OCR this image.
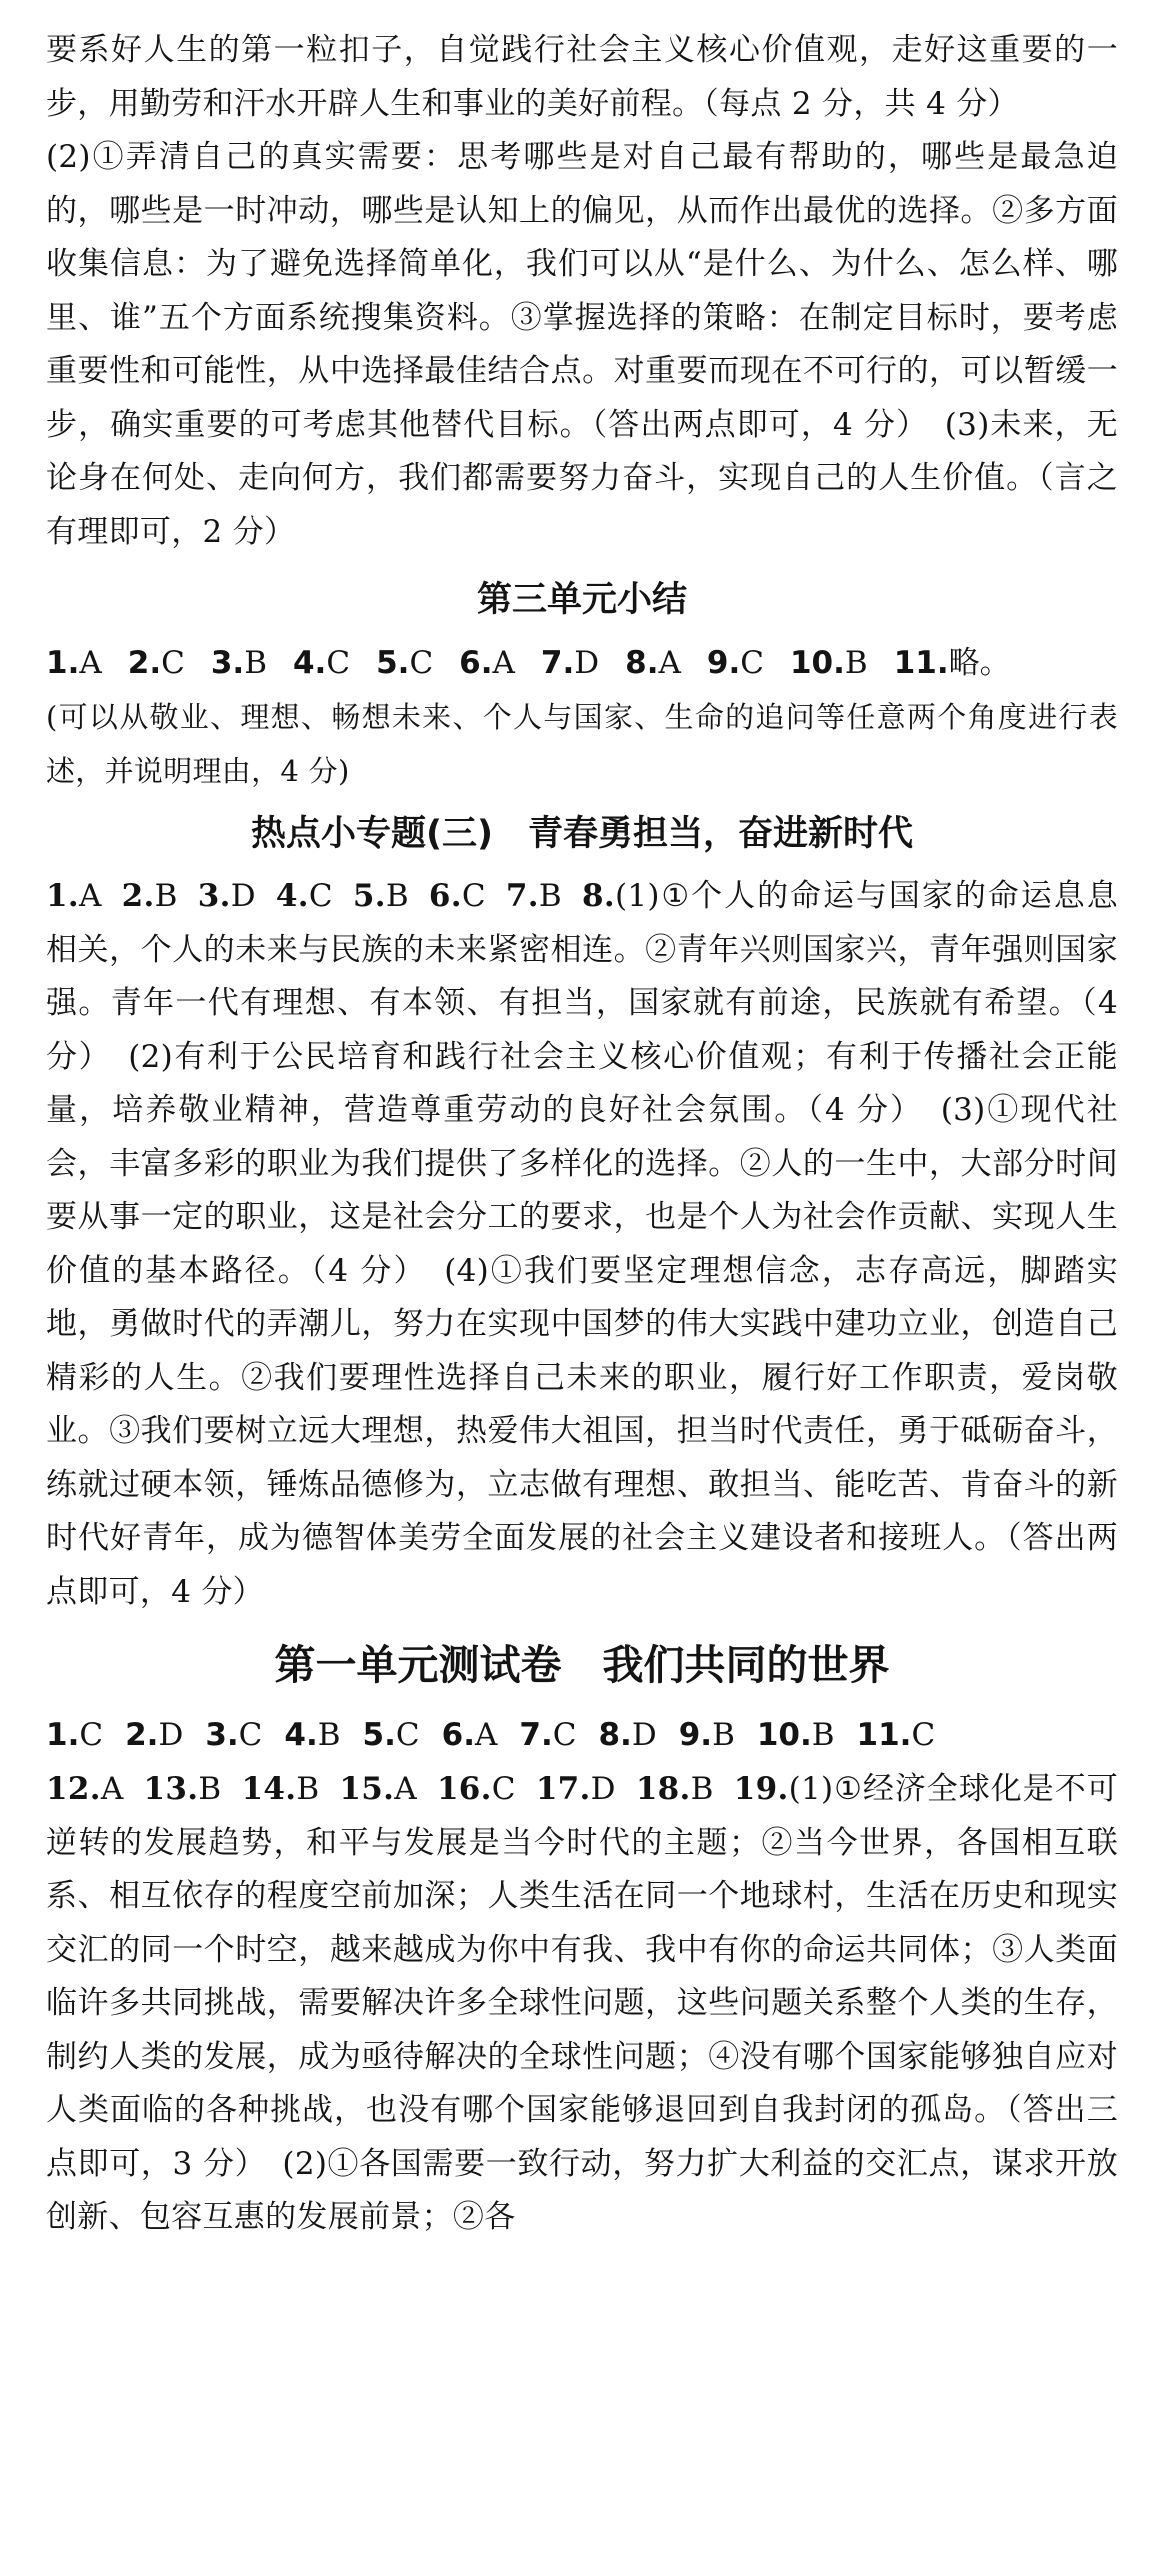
要系好人生的第一粒扣子，自觉践行社会主义核心价值观，走好这重要的一步，用勤劳和汗水开辟人生和事业的美好前程。（每点 2 分，共 4 分）

(2)①弄清自己的真实需要：思考哪些是对自己最有帮助的，哪些是最急迫的，哪些是一时冲动，哪些是认知上的偏见，从而作出最优的选择。②多方面收集信息：为了避免选择简单化，我们可以从“是什么、为什么、怎么样、哪里、谁”五个方面系统搜集资料。③掌握选择的策略：在制定目标时，要考虑重要性和可能性，从中选择最佳结合点。对重要而现在不可行的，可以暂缓一步，确实重要的可考虑其他替代目标。（答出两点即可，4 分）　(3)未来，无论身在何处、走向何方，我们都需要努力奋斗，实现自己的人生价值。（言之有理即可，2 分）

第三单元小结

1.A 2.C 3.B 4.C 5.C 6.A 7.D 8.A 9.C 10.B 11.略。

(可以从敬业、理想、畅想未来、个人与国家、生命的追问等任意两个角度进行表述，并说明理由，4 分)

热点小专题(三)　青春勇担当，奋进新时代

1.A 2.B 3.D 4.C 5.B 6.C 7.B 8.(1)①个人的命运与国家的命运息息相关，个人的未来与民族的未来紧密相连。②青年兴则国家兴，青年强则国家强。青年一代有理想、有本领、有担当，国家就有前途，民族就有希望。（4 分）　(2)有利于公民培育和践行社会主义核心价值观；有利于传播社会正能量，培养敬业精神，营造尊重劳动的良好社会氛围。（4 分）　(3)①现代社会，丰富多彩的职业为我们提供了多样化的选择。②人的一生中，大部分时间要从事一定的职业，这是社会分工的要求，也是个人为社会作贡献、实现人生价值的基本路径。（4 分）　(4)①我们要坚定理想信念，志存高远，脚踏实地，勇做时代的弄潮儿，努力在实现中国梦的伟大实践中建功立业，创造自己精彩的人生。②我们要理性选择自己未来的职业，履行好工作职责，爱岗敬业。③我们要树立远大理想，热爱伟大祖国，担当时代责任，勇于砥砺奋斗，练就过硬本领，锤炼品德修为，立志做有理想、敢担当、能吃苦、肯奋斗的新时代好青年，成为德智体美劳全面发展的社会主义建设者和接班人。（答出两点即可，4 分）

第一单元测试卷　我们共同的世界

1.C 2.D 3.C 4.B 5.C 6.A 7.C 8.D 9.B 10.B 11.C

12.A 13.B 14.B 15.A 16.C 17.D 18.B 19.(1)①经济全球化是不可逆转的发展趋势，和平与发展是当今时代的主题；②当今世界，各国相互联系、相互依存的程度空前加深；人类生活在同一个地球村，生活在历史和现实交汇的同一个时空，越来越成为你中有我、我中有你的命运共同体；③人类面临许多共同挑战，需要解决许多全球性问题，这些问题关系整个人类的生存，制约人类的发展，成为亟待解决的全球性问题；④没有哪个国家能够独自应对人类面临的各种挑战，也没有哪个国家能够退回到自我封闭的孤岛。（答出三点即可，3 分）　(2)①各国需要一致行动，努力扩大利益的交汇点，谋求开放创新、包容互惠的发展前景；②各
